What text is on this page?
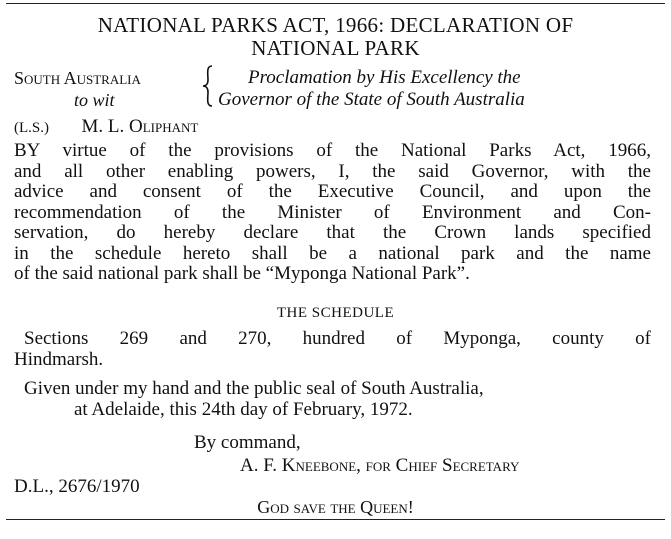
NATIONAL PARKS ACT, 1966: DECLARATION OF
NATIONAL PARK
South Australia
to wit
Proclamation by His Excellency the
Governor of the State of South Australia
(L.S.) M. L. Oliphant
BY virtue of the provisions of the National Parks Act, 1966,
and all other enabling powers, I, the said Governor, with the
advice and consent of the Executive Council, and upon the
recommendation of the Minister of Environment and Con-
servation, do hereby declare that the Crown lands specified
in the schedule hereto shall be a national park and the name
of the said national park shall be “Myponga National Park”.
THE SCHEDULE
Sections 269 and 270, hundred of Myponga, county of
Hindmarsh.
Given under my hand and the public seal of South Australia,
at Adelaide, this 24th day of February, 1972.
By command,
A. F. Kneebone, for Chief Secretary
D.L., 2676/1970
God save the Queen!
